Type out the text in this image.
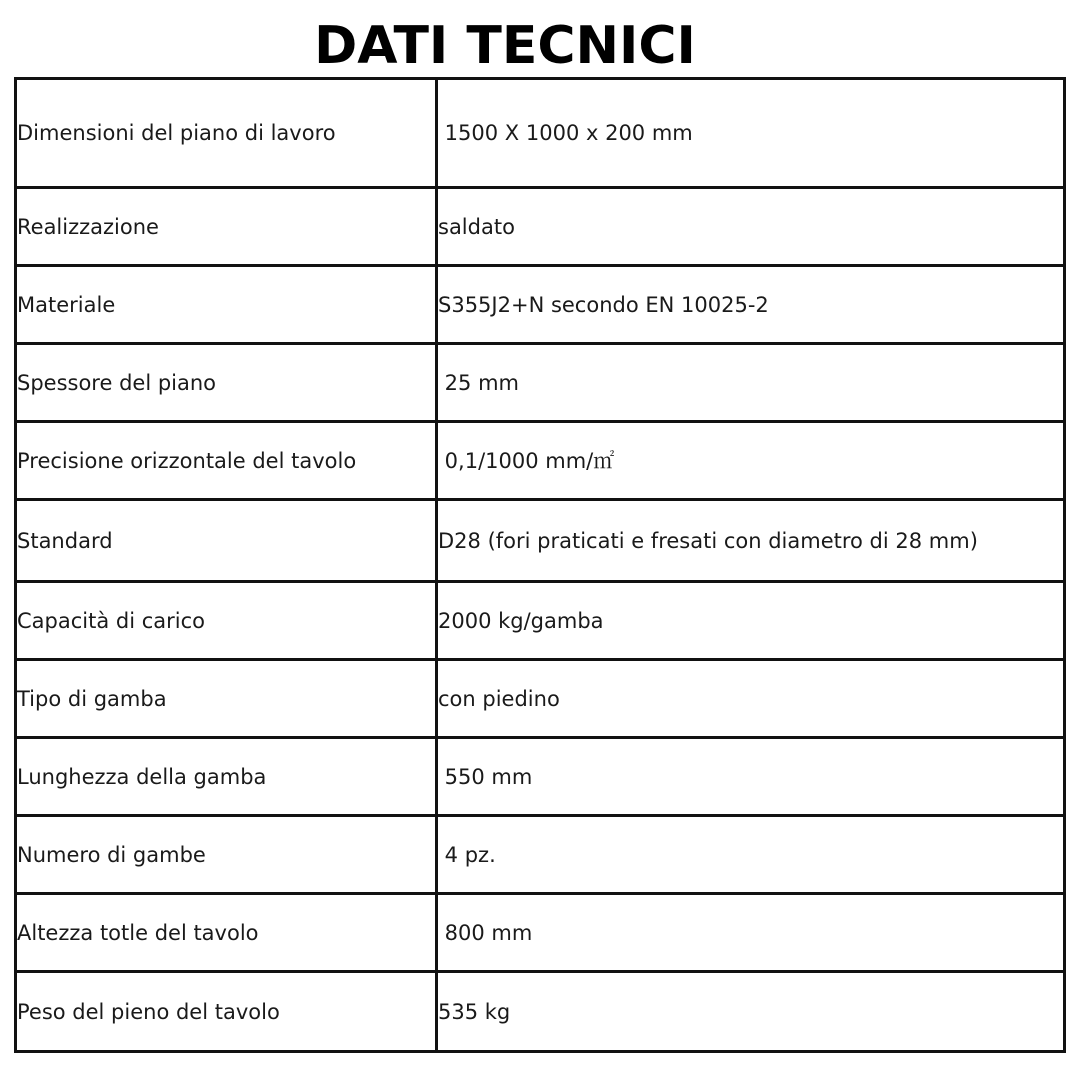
DATI TECNICI
Dimensioni del piano di lavoro	1500 X 1000 x 200 mm
Realizzazione	saldato
Materiale	S355J2+N secondo EN 10025-2
Spessore del piano	25 mm
Precisione orizzontale del tavolo	0,1/1000 mm/㎡
Standard	D28 (fori praticati e fresati con diametro di 28 mm)
Capacità di carico	2000 kg/gamba
Tipo di gamba	con piedino
Lunghezza della gamba	550 mm
Numero di gambe	4 pz.
Altezza totle del tavolo	800 mm
Peso del pieno del tavolo	535 kg
